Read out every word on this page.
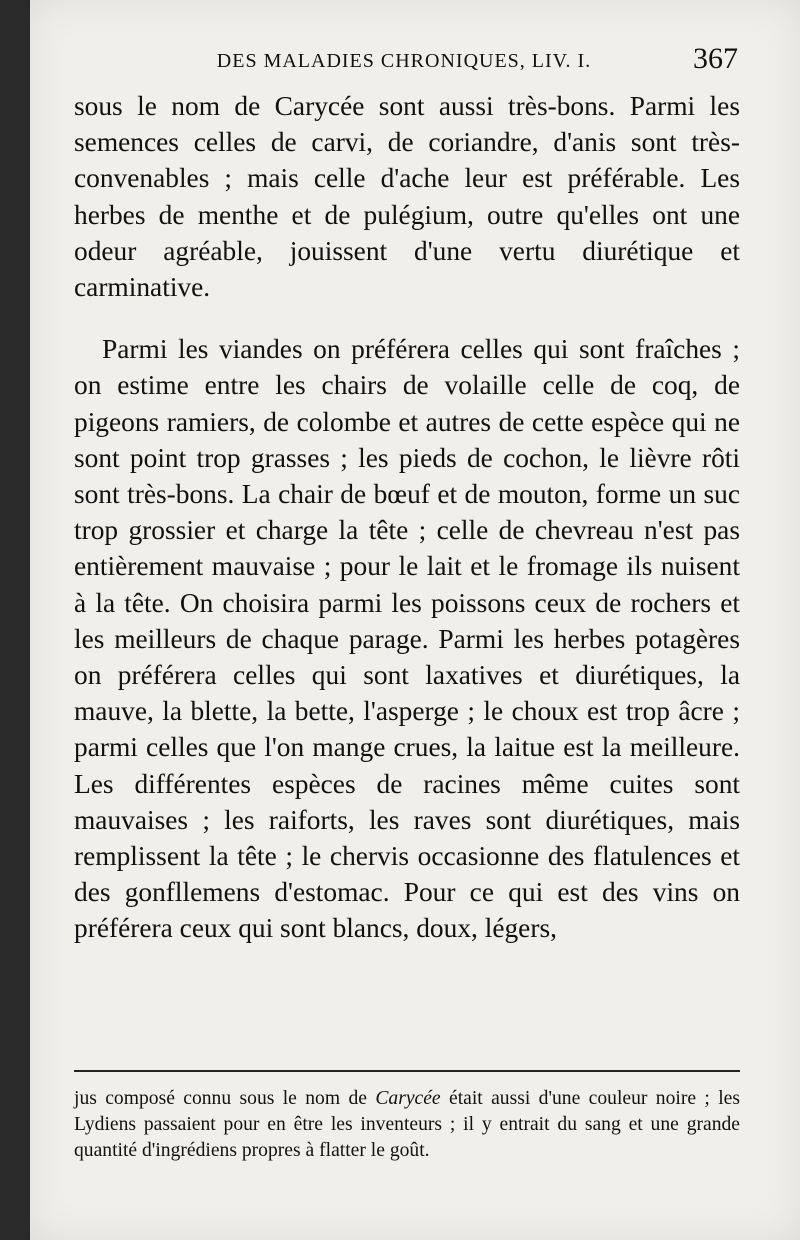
DES MALADIES CHRONIQUES, LIV. I.	367

sous le nom de Carycée sont aussi très-bons. Parmi les semences celles de carvi, de coriandre, d'anis sont très-convenables ; mais celle d'ache leur est préférable. Les herbes de menthe et de pulégium, outre qu'elles ont une odeur agréable, jouissent d'une vertu diurétique et carminative.

Parmi les viandes on préférera celles qui sont fraîches ; on estime entre les chairs de volaille celle de coq, de pigeons ramiers, de colombe et autres de cette espèce qui ne sont point trop grasses ; les pieds de cochon, le lièvre rôti sont très-bons. La chair de bœuf et de mouton, forme un suc trop grossier et charge la tête ; celle de chevreau n'est pas entièrement mauvaise ; pour le lait et le fromage ils nuisent à la tête. On choisira parmi les poissons ceux de rochers et les meilleurs de chaque parage. Parmi les herbes potagères on préférera celles qui sont laxatives et diurétiques, la mauve, la blette, la bette, l'asperge ; le choux est trop âcre ; parmi celles que l'on mange crues, la laitue est la meilleure. Les différentes espèces de racines même cuites sont mauvaises ; les raiforts, les raves sont diurétiques, mais remplissent la tête ; le chervis occasionne des flatulences et des gonfllemens d'estomac. Pour ce qui est des vins on préférera ceux qui sont blancs, doux, légers,

jus composé connu sous le nom de Carycée était aussi d'une couleur noire ; les Lydiens passaient pour en être les inventeurs ; il y entrait du sang et une grande quantité d'ingrédiens propres à flatter le goût.
